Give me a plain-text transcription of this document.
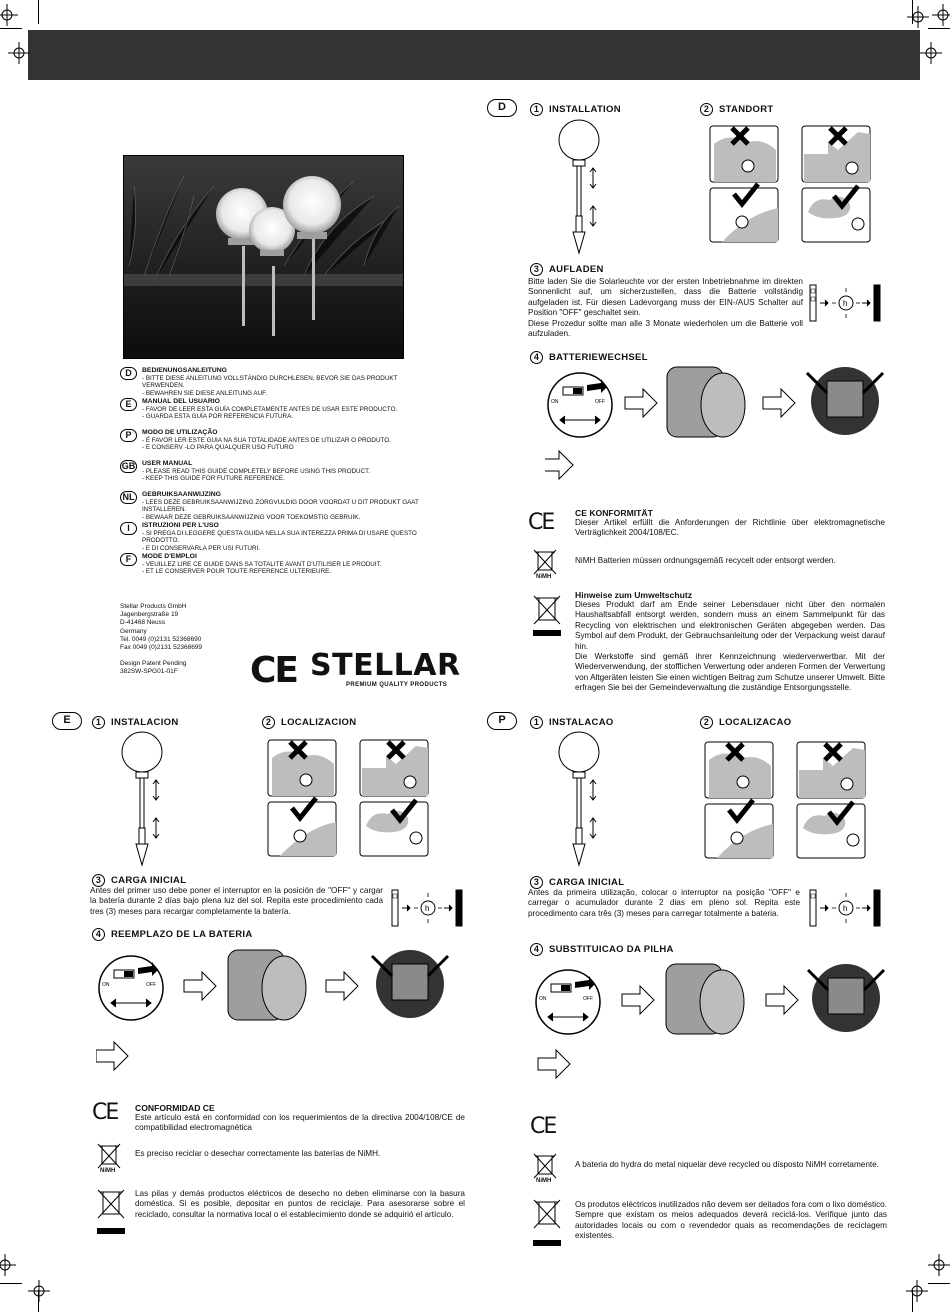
D	BEDIENUNGSANLEITUNG
- BITTE DIESE ANLEITUNG VOLLSTÄNDIG DURCHLESEN, BEVOR SIE DAS PRODUKT VERWENDEN.
- BEWAHREN SIE DIESE ANLEITUNG AUF.
E	MANUAL DEL USUARIO
- FAVOR DE LEER ESTA GUÍA COMPLETAMENTE ANTES DE USAR ESTE PRODUCTO.
- GUARDA ESTA GUÍA POR REFERENCIA FUTURA.
P	MODO DE UTILIZAÇÃO
- É FAVOR LER ESTE GUIA NA SUA TOTALIDADE ANTES DE UTILIZAR O PRODUTO.
- E CONSERV -LO PARA QUALQUER USO FUTURO
GB USER MANUAL
- PLEASE READ THIS GUIDE COMPLETELY BEFORE USING THIS PRODUCT.
- KEEP THIS GUIDE FOR FUTURE REFERENCE.
NL	GEBRUIKSAANWIJZING
- LEES DEZE GEBRUIKSAANWIJZING ZORGVULDIG DOOR VOORDAT U DIT PRODUKT GAAT INSTALLEREN.
- BEWAAR DEZE GEBRUIKSAANWIJZING VOOR TOEKOMSTIG GEBRUIK.
I	ISTRUZIONI PER L'USO
- SI PREGA DI LEGGERE QUESTA GUIDA NELLA SUA INTEREZZA PRIMA DI USARE QUESTO PRODOTTO.
- E DI CONSERVARLA PER USI FUTURI.
F	MODE D'EMPLOI
- VEUILLEZ LIRE CE GUIDE DANS SA TOTALITE AVANT D'UTILISER LE PRODUIT.
- ET LE CONSERVER POUR TOUTE REFERENCE ULTERIEURE.
Stellar Products GmbH
Jagenbergstraße 19
D-41468 Neuss
Germany
Tel. 0049 (0)2131 52368690
Fax 0049 (0)2131 52368699
Design Patent Pending
382SW-SPG01-01F	CE STELLAR
PREMIUM QUALITY PRODUCTS
D	1	INSTALLATION	2	STANDORT
3	AUFLADEN
Bitte laden Sie die Solarleuchte vor der ersten Inbetriebnahme im direkten Sonnenlicht auf, um sicherzustellen, dass die Batterie vollständig aufgeladen ist. Für diesen Ladevorgang muss der EIN-/AUS Schalter auf Position "OFF" geschaltet sein.
Diese Prozedur sollte man alle 3 Monate wiederholen um die Batterie voll aufzuladen.
h
4	BATTERIEWECHSEL
ON	OFF
CE	CE KONFORMITÄT
Dieser Artikel erfüllt die Anforderungen der Richtlinie über elektromagnetische Verträglichkeit 2004/108/EC.
NiMH
NiMH Batterien müssen ordnungsgemäß recycelt oder entsorgt werden.
Hinweise zum Umweltschutz
Dieses Produkt darf am Ende seiner Lebensdauer nicht über den normalen Haushaltsabfall entsorgt werden, sondern muss an einem Sammelpunkt für das Recycling von elektrischen und elektronischen Geräten abgegeben werden. Das Symbol auf dem Produkt, der Gebrauchsanleitung oder der Verpackung weist darauf hin.
Die Werkstoffe sind gemäß ihrer Kennzeichnung wiederverwertbar. Mit der Wiederverwendung, der stofflichen Verwertung oder anderen Formen der Verwertung von Altgeräten leisten Sie einen wichtigen Beitrag zum Schutze unserer Umwelt. Bitte erfragen Sie bei der Gemeindeverwaltung die zuständige Entsorgungsstelle.
E	1	INSTALACION	2	LOCALIZACION
3	CARGA INICIAL
Antes del primer uso debe poner el interruptor en la posición de "OFF" y cargar la batería durante 2 días bajo plena luz del sol. Repita este procedimiento cada tres (3) meses para recargar completamente la batería.	h
4	REEMPLAZO DE LA BATERIA
ON	OFF
CE CONFORMIDAD CE
Este artículo está en conformidad con los requerimientos de la directiva 2004/108/CE de compatibilidad electromagnética
NiMH
Es preciso reciclar o desechar correctamente las baterías de NiMH.
Las pilas y demás productos eléctricos de desecho no deben eliminarse con la basura doméstica. Si es posible, depositar en puntos de reciclaje. Para asesorarse sobre el reciclado, consultar la normativa local o el establecimiento donde se adquirió el artículo.
P	1	INSTALACAO	2	LOCALIZACAO
3	CARGA INICIAL
Antes da primeira utilização, colocar o interruptor na posição "OFF" e carregar o acumulador durante 2 dias em pleno sol. Repita este procedimento cara três (3) meses para carregar totalmente a bateria.
h
4	SUBSTITUICAO DA PILHA
ON	OFF
CE
NiMH
A bateria do hydra do metal niquelar deve recycled ou disposto NiMH corretamente.
Os produtos eléctricos inutilizados não devem ser deitados fora com o lixo doméstico. Sempre que existam os meios adequados deverá reciclá-los. Verifique junto das autoridades locais ou com o revendedor quais as recomendações de reciclagem existentes.
